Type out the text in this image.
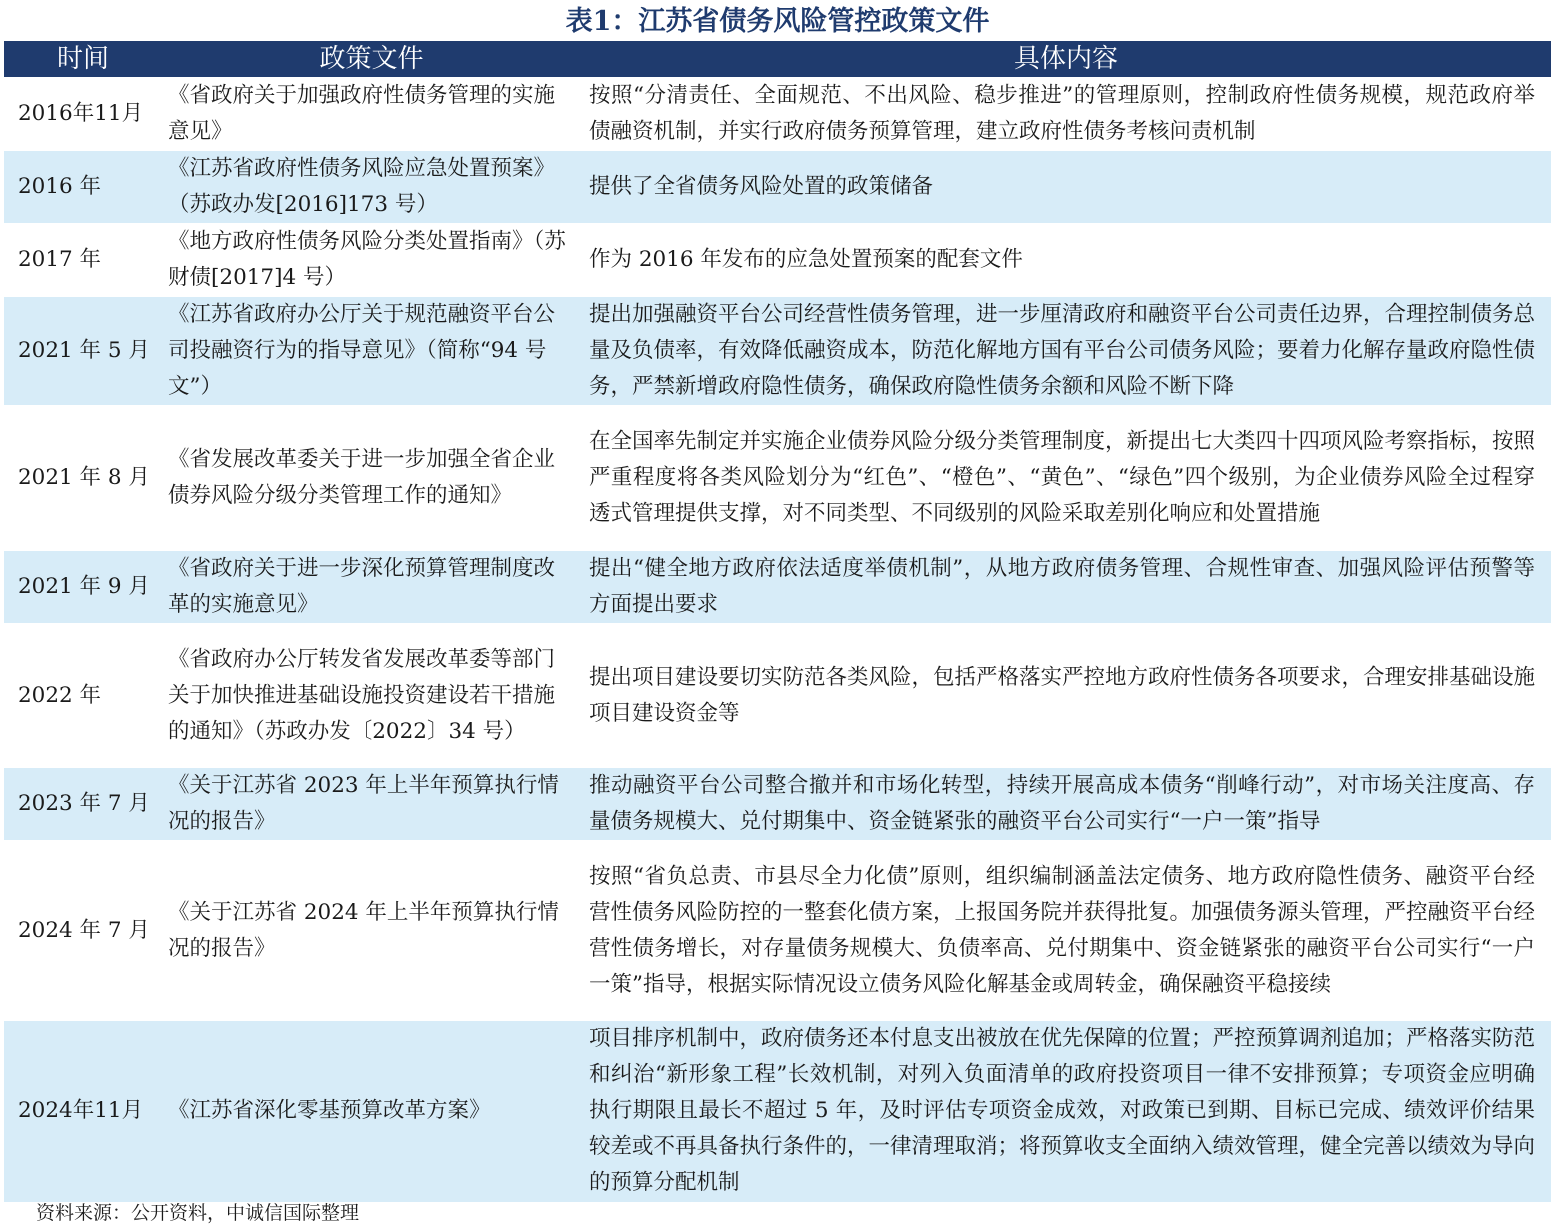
表1：江苏省债务风险管控政策文件
时间	政策文件	具体内容
2016年11月	《省政府关于加强政府性债务管理的实施意见》	按照“分清责任、全面规范、不出风险、稳步推进”的管理原则，控制政府性债务规模，规范政府举债融资机制，并实行政府债务预算管理，建立政府性债务考核问责机制
2016 年	《江苏省政府性债务风险应急处置预案》（苏政办发[2016]173 号）	提供了全省债务风险处置的政策储备
2017 年	《地方政府性债务风险分类处置指南》（苏财债[2017]4 号）	作为 2016 年发布的应急处置预案的配套文件
2021 年 5 月	《江苏省政府办公厅关于规范融资平台公司投融资行为的指导意见》（简称“94 号文”）	提出加强融资平台公司经营性债务管理，进一步厘清政府和融资平台公司责任边界，合理控制债务总量及负债率，有效降低融资成本，防范化解地方国有平台公司债务风险；要着力化解存量政府隐性债务，严禁新增政府隐性债务，确保政府隐性债务余额和风险不断下降
2021 年 8 月	《省发展改革委关于进一步加强全省企业债券风险分级分类管理工作的通知》	在全国率先制定并实施企业债券风险分级分类管理制度，新提出七大类四十四项风险考察指标，按照严重程度将各类风险划分为“红色”、“橙色”、“黄色”、“绿色”四个级别，为企业债券风险全过程穿透式管理提供支撑，对不同类型、不同级别的风险采取差别化响应和处置措施
2021 年 9 月	《省政府关于进一步深化预算管理制度改革的实施意见》	提出“健全地方政府依法适度举债机制”，从地方政府债务管理、合规性审查、加强风险评估预警等方面提出要求
2022 年	《省政府办公厅转发省发展改革委等部门关于加快推进基础设施投资建设若干措施的通知》（苏政办发〔2022〕34 号）	提出项目建设要切实防范各类风险，包括严格落实严控地方政府性债务各项要求，合理安排基础设施项目建设资金等
2023 年 7 月	《关于江苏省 2023 年上半年预算执行情况的报告》	推动融资平台公司整合撤并和市场化转型，持续开展高成本债务“削峰行动”，对市场关注度高、存量债务规模大、兑付期集中、资金链紧张的融资平台公司实行“一户一策”指导
2024 年 7 月	《关于江苏省 2024 年上半年预算执行情况的报告》	按照“省负总责、市县尽全力化债”原则，组织编制涵盖法定债务、地方政府隐性债务、融资平台经营性债务风险防控的一整套化债方案，上报国务院并获得批复。加强债务源头管理，严控融资平台经营性债务增长，对存量债务规模大、负债率高、兑付期集中、资金链紧张的融资平台公司实行“一户一策”指导，根据实际情况设立债务风险化解基金或周转金，确保融资平稳接续
2024年11月	《江苏省深化零基预算改革方案》	项目排序机制中，政府债务还本付息支出被放在优先保障的位置；严控预算调剂追加；严格落实防范和纠治“新形象工程”长效机制，对列入负面清单的政府投资项目一律不安排预算；专项资金应明确执行期限且最长不超过 5 年，及时评估专项资金成效，对政策已到期、目标已完成、绩效评价结果较差或不再具备执行条件的，一律清理取消；将预算收支全面纳入绩效管理，健全完善以绩效为导向的预算分配机制
资料来源：公开资料，中诚信国际整理
